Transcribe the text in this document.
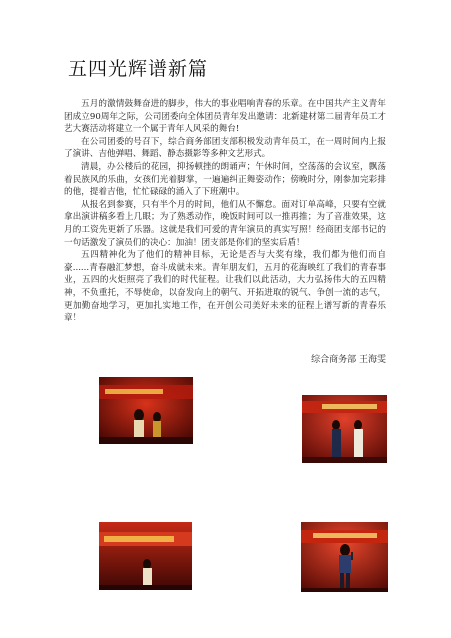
五四光辉谱新篇

五月的激情鼓舞奋进的脚步，伟大的事业唱响青春的乐章。在中国共产主义青年团成立90周年之际，公司团委向全体团员青年发出邀请：北新建材第二届青年员工才艺大赛活动将建立一个属于青年人风采的舞台!

在公司团委的号召下，综合商务部团支部积极发动青年员工，在一周时间内上报了演讲、吉他弹唱、舞蹈、静态摄影等多种文艺形式。

清晨，办公楼后的花园，抑扬顿挫的朗诵声；午休时间，空荡荡的会议室，飘荡着民族风的乐曲，女孩们光着脚掌，一遍遍纠正舞姿动作；傍晚时分，刚参加完彩排的他，提着吉他，忙忙碌碌的涌入了下班潮中。

从报名到参赛，只有半个月的时间，他们从不懈怠。面对订单高峰，只要有空就拿出演讲稿多看上几眼；为了熟悉动作，晚饭时间可以一推再推；为了音准效果，这月的工资先更新了乐器。这就是我们可爱的青年演员的真实写照！经商团支部书记的一句话激发了演员们的决心：加油！团支部是你们的坚实后盾！

五四精神化为了他们的精神目标，无论是否与大奖有缘，我们都为他们而自豪......青春融汇梦想，奋斗成就未来。青年朋友们，五月的花海映红了我们的青春事业，五四的火炬照亮了我们的时代征程。让我们以此活动，大力弘扬伟大的五四精神，不负重托，不辱使命，以奋发向上的朝气、开拓进取的锐气、争创一流的志气，更加勤奋地学习，更加扎实地工作，在开创公司美好未来的征程上谱写新的青春乐章！

综合商务部 王海雯
